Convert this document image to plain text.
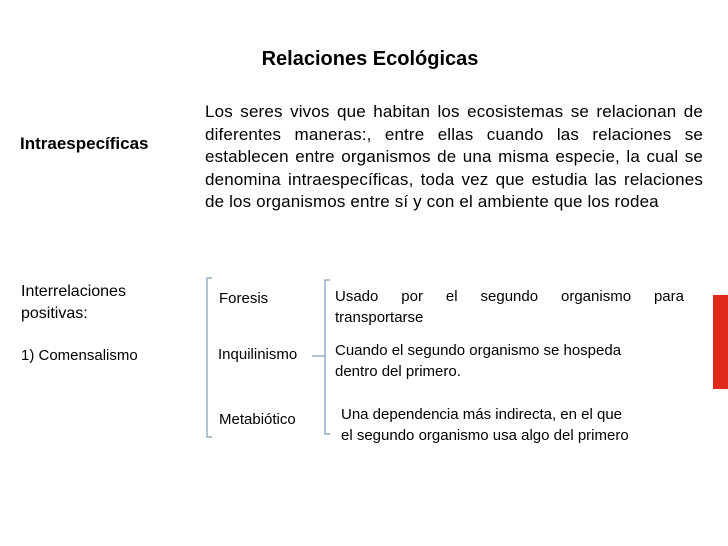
Relaciones Ecológicas
Intraespecíficas
Los seres vivos que habitan los ecosistemas se relacionan de diferentes maneras:, entre ellas cuando las relaciones se establecen entre organismos de una misma especie, la cual se denomina intraespecíficas, toda vez que estudia las relaciones de los organismos entre sí y con el ambiente que los rodea
Interrelaciones
positivas:
1) Comensalismo
Foresis
Inquilinismo
Metabiótico
Usado por el segundo organismo para
transportarse
Cuando el segundo organismo se hospeda
dentro del primero.
Una dependencia más indirecta, en el que
el segundo organismo usa algo del primero
